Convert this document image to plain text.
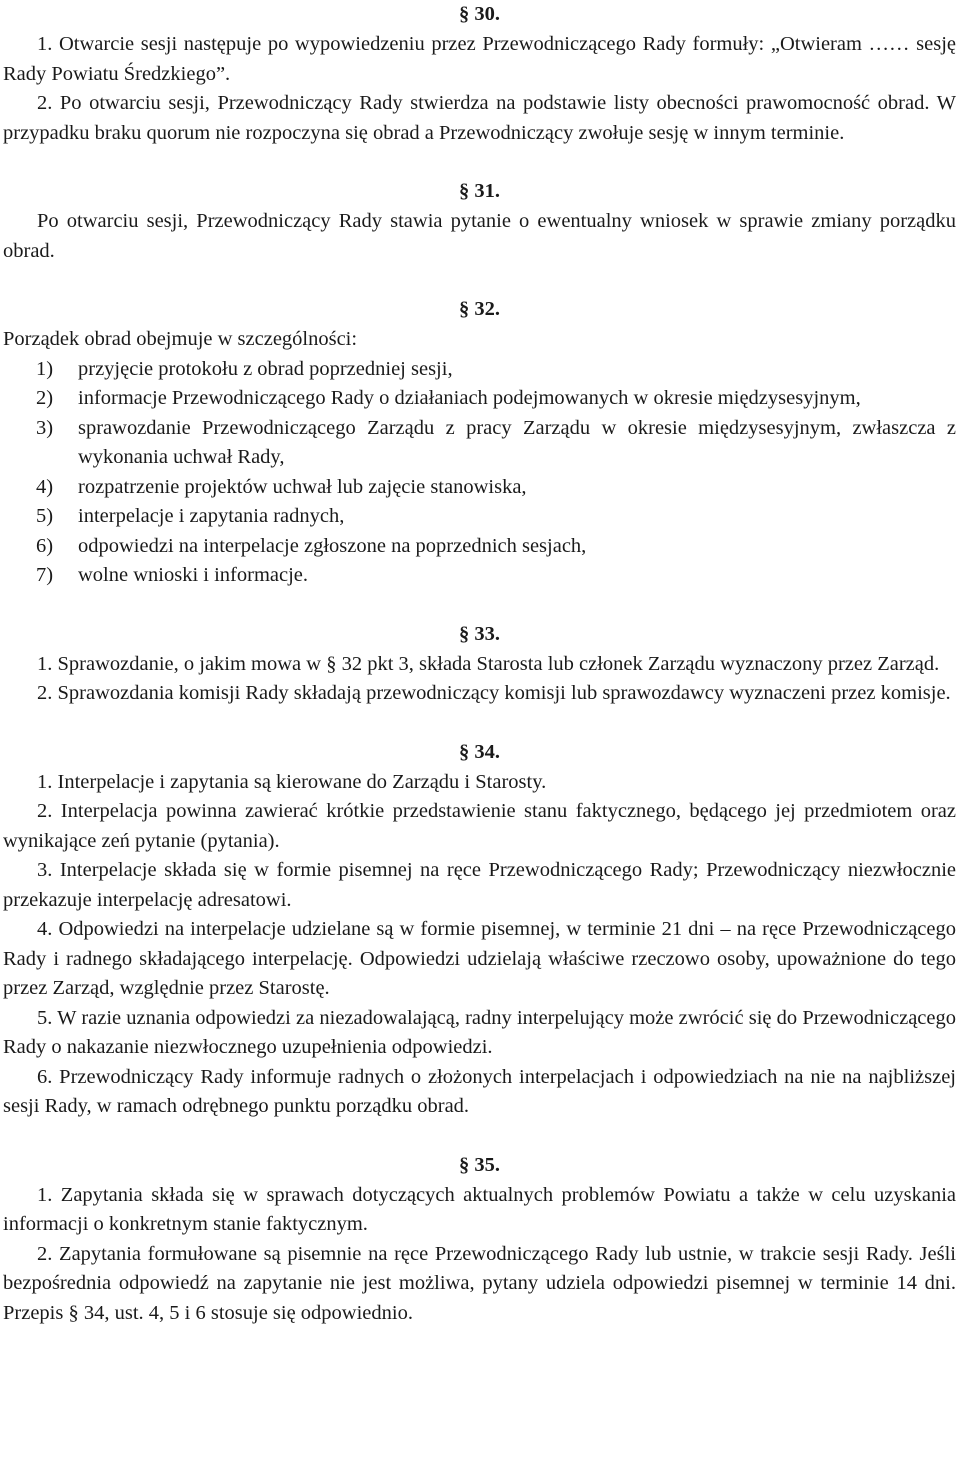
§ 30.

1. Otwarcie sesji następuje po wypowiedzeniu przez Przewodniczącego Rady formuły: „Otwieram …… sesję Rady Powiatu Średzkiego”.

2. Po otwarciu sesji, Przewodniczący Rady stwierdza na podstawie listy obecności prawomocność obrad. W przypadku braku quorum nie rozpoczyna się obrad a Przewodniczący zwołuje sesję w innym terminie.

§ 31.

Po otwarciu sesji, Przewodniczący Rady stawia pytanie o ewentualny wniosek w sprawie zmiany porządku obrad.

§ 32.

Porządek obrad obejmuje w szczególności:

1)	przyjęcie protokołu z obrad poprzedniej sesji,
2)	informacje Przewodniczącego Rady o działaniach podejmowanych w okresie międzysesyjnym,
3)	sprawozdanie Przewodniczącego Zarządu z pracy Zarządu w okresie międzysesyjnym, zwłaszcza z wykonania uchwał Rady,
4)	rozpatrzenie projektów uchwał lub zajęcie stanowiska,
5)	interpelacje i zapytania radnych,
6)	odpowiedzi na interpelacje zgłoszone na poprzednich sesjach,
7)	wolne wnioski i informacje.
§ 33.

1. Sprawozdanie, o jakim mowa w § 32 pkt 3, składa Starosta lub członek Zarządu wyznaczony przez Zarząd.

2. Sprawozdania komisji Rady składają przewodniczący komisji lub sprawozdawcy wyznaczeni przez komisje.

§ 34.

1. Interpelacje i zapytania są kierowane do Zarządu i Starosty.

2. Interpelacja powinna zawierać krótkie przedstawienie stanu faktycznego, będącego jej przedmiotem oraz wynikające zeń pytanie (pytania).

3. Interpelacje składa się w formie pisemnej na ręce Przewodniczącego Rady; Przewodniczący niezwłocznie przekazuje interpelację adresatowi.

4. Odpowiedzi na interpelacje udzielane są w formie pisemnej, w terminie 21 dni – na ręce Przewodniczącego Rady i radnego składającego interpelację. Odpowiedzi udzielają właściwe rzeczowo osoby, upoważnione do tego przez Zarząd, względnie przez Starostę.

5. W razie uznania odpowiedzi za niezadowalającą, radny interpelujący może zwrócić się do Przewodniczącego Rady o nakazanie niezwłocznego uzupełnienia odpowiedzi.

6. Przewodniczący Rady informuje radnych o złożonych interpelacjach i odpowiedziach na nie na najbliższej sesji Rady, w ramach odrębnego punktu porządku obrad.

§ 35.

1. Zapytania składa się w sprawach dotyczących aktualnych problemów Powiatu a także w celu uzyskania informacji o konkretnym stanie faktycznym.

2. Zapytania formułowane są pisemnie na ręce Przewodniczącego Rady lub ustnie, w trakcie sesji Rady. Jeśli bezpośrednia odpowiedź na zapytanie nie jest możliwa, pytany udziela odpowiedzi pisemnej w terminie 14 dni. Przepis § 34, ust. 4, 5 i 6 stosuje się odpowiednio.
